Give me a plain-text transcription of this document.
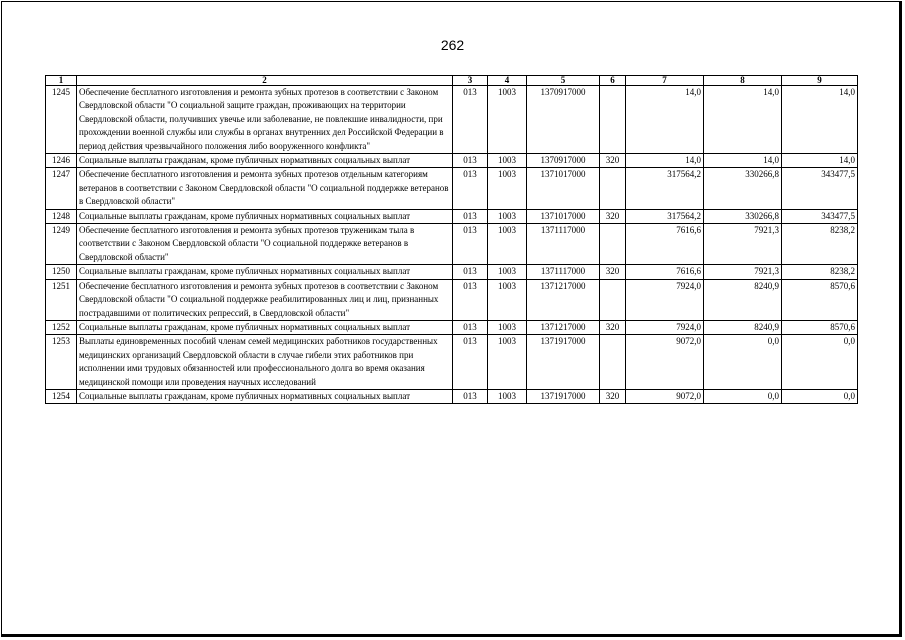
262
1	2	3	4	5	6	7	8	9
1245	Обеспечение бесплатного изготовления и ремонта зубных протезов в соответствии с Законом Свердловской области "О социальной защите граждан, проживающих на территории Свердловской области, получивших увечье или заболевание, не повлекшие инвалидности, при прохождении военной службы или службы в органах внутренних дел Российской Федерации в период действия чрезвычайного положения либо вооруженного конфликта"	013	1003	1370917000		14,0	14,0	14,0
1246	Социальные выплаты гражданам, кроме публичных нормативных социальных выплат	013	1003	1370917000	320	14,0	14,0	14,0
1247	Обеспечение бесплатного изготовления и ремонта зубных протезов отдельным категориям ветеранов в соответствии с Законом Свердловской области "О социальной поддержке ветеранов в Свердловской области"	013	1003	1371017000		317564,2	330266,8	343477,5
1248	Социальные выплаты гражданам, кроме публичных нормативных социальных выплат	013	1003	1371017000	320	317564,2	330266,8	343477,5
1249	Обеспечение бесплатного изготовления и ремонта зубных протезов труженикам тыла в соответствии с Законом Свердловской области "О социальной поддержке ветеранов в Свердловской области"	013	1003	1371117000		7616,6	7921,3	8238,2
1250	Социальные выплаты гражданам, кроме публичных нормативных социальных выплат	013	1003	1371117000	320	7616,6	7921,3	8238,2
1251	Обеспечение бесплатного изготовления и ремонта зубных протезов в соответствии с Законом Свердловской области "О социальной поддержке реабилитированных лиц и лиц, признанных пострадавшими от политических репрессий, в Свердловской области"	013	1003	1371217000		7924,0	8240,9	8570,6
1252	Социальные выплаты гражданам, кроме публичных нормативных социальных выплат	013	1003	1371217000	320	7924,0	8240,9	8570,6
1253	Выплаты единовременных пособий членам семей медицинских работников государственных медицинских организаций Свердловской области в случае гибели этих работников при исполнении ими трудовых обязанностей или профессионального долга во время оказания медицинской помощи или проведения научных исследований	013	1003	1371917000		9072,0	0,0	0,0
1254	Социальные выплаты гражданам, кроме публичных нормативных социальных выплат	013	1003	1371917000	320	9072,0	0,0	0,0
